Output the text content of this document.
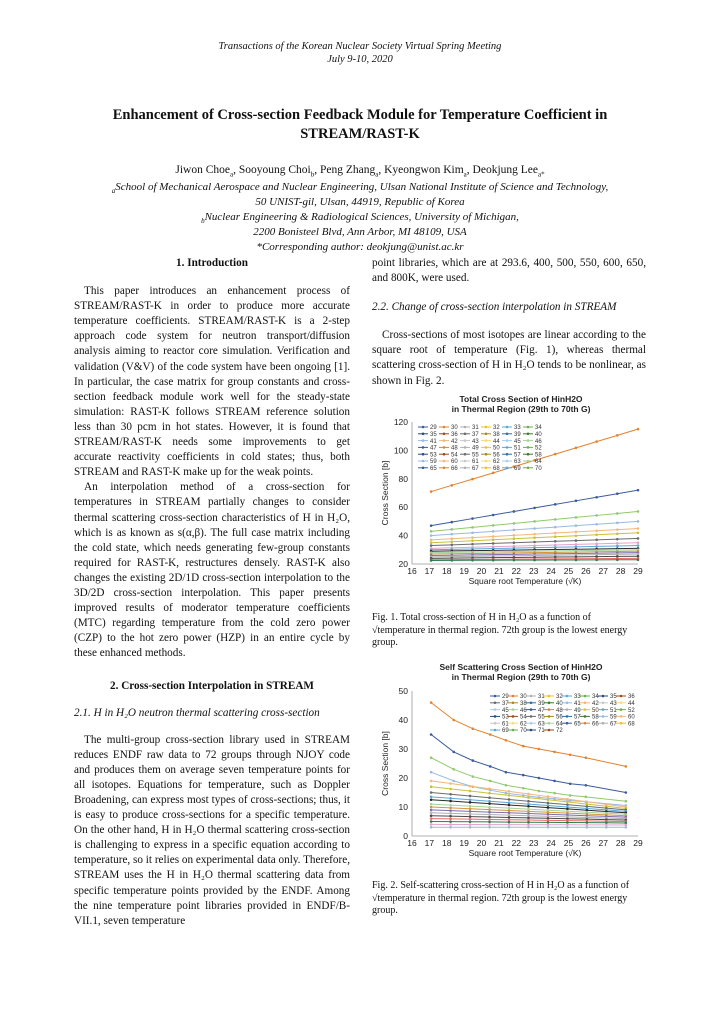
Transactions of the Korean Nuclear Society Virtual Spring Meeting
July 9-10, 2020
Enhancement of Cross-section Feedback Module for Temperature Coefficient in
STREAM/RAST-K
Jiwon Choe$_a$, Sooyoung Choi$_b$, Peng Zhang$_a$, Kyeongwon Kim$_a$, Deokjung Lee$_{a*}$
$_a$School of Mechanical Aerospace and Nuclear Engineering, Ulsan National Institute of Science and Technology,
50 UNIST-gil, Ulsan, 44919, Republic of Korea
$_b$Nuclear Engineering & Radiological Sciences, University of Michigan,
2200 Bonisteel Blvd, Ann Arbor, MI 48109, USA
*Corresponding author: deokjung@unist.ac.kr
1. Introduction

This paper introduces an enhancement process of STREAM/RAST-K in order to produce more accurate temperature coefficients. STREAM/RAST-K is a 2-step approach code system for neutron transport/diffusion analysis aiming to reactor core simulation. Verification and validation (V&V) of the code system have been ongoing [1]. In particular, the case matrix for group constants and cross-section feedback module work well for the steady-state simulation: RAST-K follows STREAM reference solution less than 30 pcm in hot states. However, it is found that STREAM/RAST-K needs some improvements to get accurate reactivity coefficients in cold states; thus, both STREAM and RAST-K make up for the weak points.

An interpolation method of a cross-section for temperatures in STREAM partially changes to consider thermal scattering cross-section characteristics of H in H₂O, which is as known as s(α,β). The full case matrix including the cold state, which needs generating few-group constants required for RAST-K, restructures densely. RAST-K also changes the existing 2D/1D cross-section interpolation to the 3D/2D cross-section interpolation. This paper presents improved results of moderator temperature coefficients (MTC) regarding temperature from the cold zero power (CZP) to the hot zero power (HZP) in an entire cycle by these enhanced methods.

2. Cross-section Interpolation in STREAM
2.1. H in H₂O neutron thermal scattering cross-section

The multi-group cross-section library used in STREAM reduces ENDF raw data to 72 groups through NJOY code and produces them on average seven temperature points for all isotopes. Equations for temperature, such as Doppler Broadening, can express most types of cross-sections; thus, it is easy to produce cross-sections for a specific temperature. On the other hand, H in H₂O thermal scattering cross-section is challenging to express in a specific equation according to temperature, so it relies on experimental data only. Therefore, STREAM uses the H in H₂O thermal scattering data from specific temperature points provided by the ENDF. Among the nine temperature point libraries provided in ENDF/B-VII.1, seven temperature

point libraries, which are at 293.6, 400, 500, 550, 600, 650, and 800K, were used.

2.2. Change of cross-section interpolation in STREAM

Cross-sections of most isotopes are linear according to the square root of temperature (Fig. 1), whereas thermal scattering cross-section of H in H₂O tends to be nonlinear, as shown in Fig. 2.

Total Cross Section of HinH2O
in Thermal Region (29th to 70th G)
20
40
60
80
100
120
16 17 18 19 20 21 22 23 24 25 26 27 28 29
Square root Temperature (√K)
Cross Section [b]
29 30 31 32 33 34
35 36 37 38 39 40
41 42 43 44 45 46
47 48 49 50 51 52
53 54 55 56 57 58
59 60 61 62 63 64
65 66 67 68 69 70
Fig. 1. Total cross-section of H in H₂O as a function of √temperature in thermal region. 72th group is the lowest energy group.
Self Scattering Cross Section of HinH2O
in Thermal Region (29th to 70th G)
0
10
20
30
40
50
16 17 18 19 20 21 22 23 24 25 26 27 28 29
Square root Temperature (√K)
Cross Section [b]
29 30 31 32 33 34 35 36
37 38 39 40 41 42 43 44
45 46 47 48 49 50 51 52
53 54 55 56 57 58 59 60
61 62 63 64 65 66 67 68
69 70 71 72
Fig. 2. Self-scattering cross-section of H in H₂O as a function of √temperature in thermal region. 72th group is the lowest energy group.
